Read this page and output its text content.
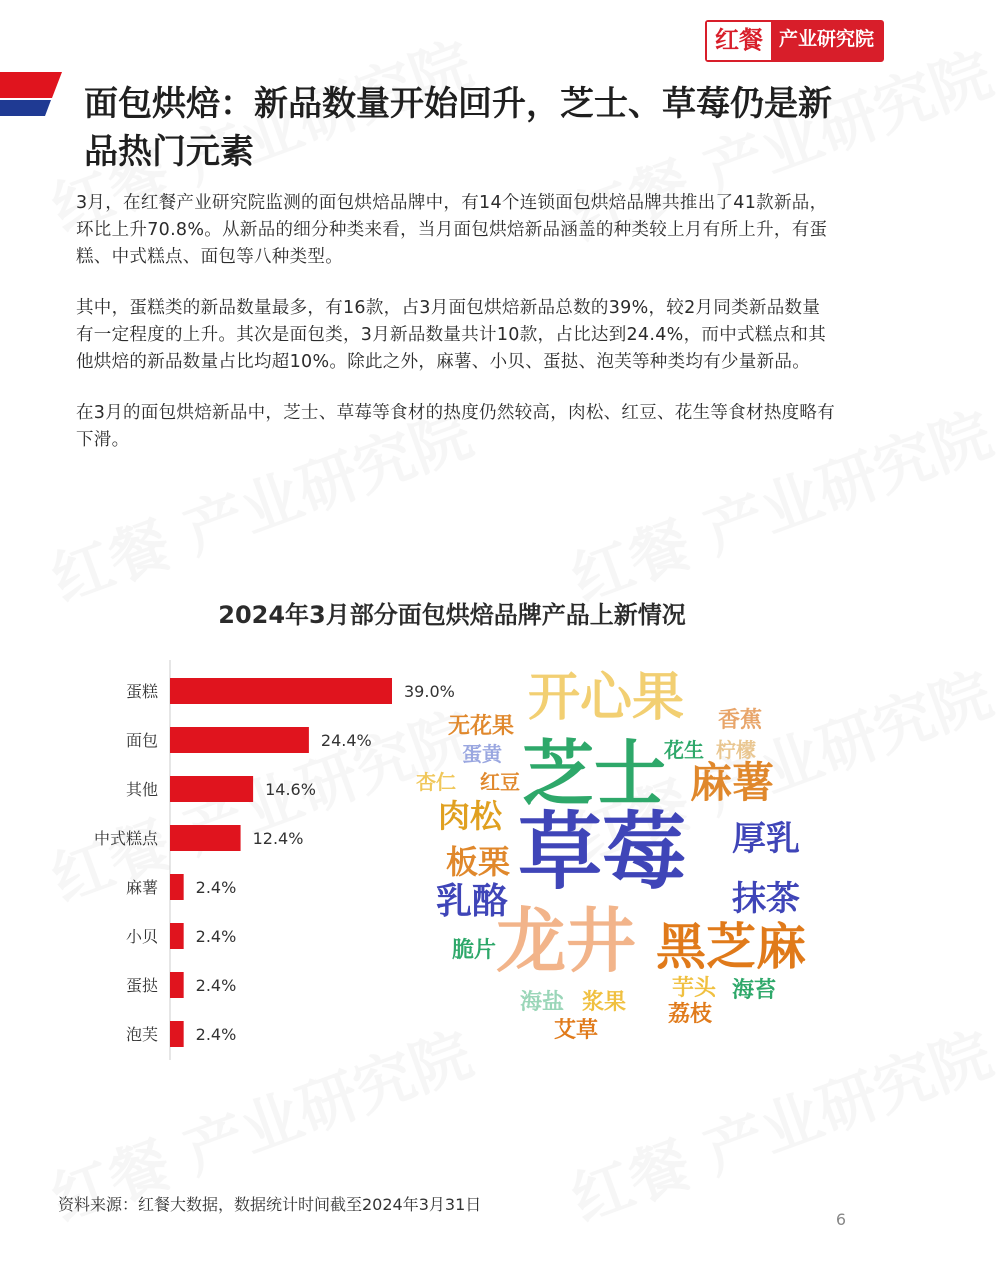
红餐 产业研究院
面包烘焙：新品数量开始回升，芝士、草莓仍是新品热门元素

3月，在红餐产业研究院监测的面包烘焙品牌中，有14个连锁面包烘焙品牌共推出了41款新品，环比上升70.8%。从新品的细分种类来看，当月面包烘焙新品涵盖的种类较上月有所上升，有蛋糕、中式糕点、面包等八种类型。

其中，蛋糕类的新品数量最多，有16款，占3月面包烘焙新品总数的39%，较2月同类新品数量有一定程度的上升。其次是面包类，3月新品数量共计10款，占比达到24.4%，而中式糕点和其他烘焙的新品数量占比均超10%。除此之外，麻薯、小贝、蛋挞、泡芙等种类均有少量新品。

在3月的面包烘焙新品中，芝士、草莓等食材的热度仍然较高，肉松、红豆、花生等食材热度略有下滑。

2024年3月部分面包烘焙品牌产品上新情况
蛋糕	39.0%
面包	24.4%
其他	14.6%
中式糕点	12.4%
麻薯 2.4%
小贝 2.4%
蛋挞 2.4%
泡芙 2.4%
开心果
无花果	香蕉
蛋黄 芝士
花生 柠檬
杏仁 红豆	麻薯
肉松 草莓 厚乳
板栗
乳酪	抹茶
龙井 黑芝麻
脆片
芋头 海苔
海盐 浆果 荔枝
艾草
资料来源：红餐大数据，数据统计时间截至2024年3月31日
6
